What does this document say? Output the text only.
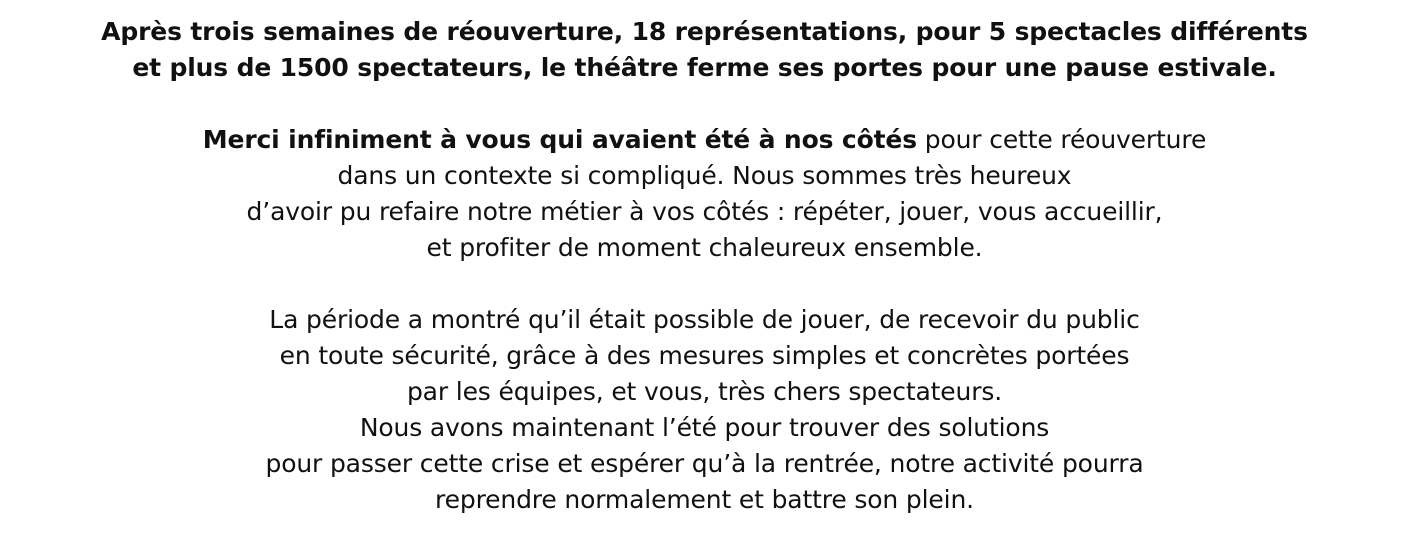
Après trois semaines de réouverture, 18 représentations, pour 5 spectacles différents
et plus de 1500 spectateurs, le théâtre ferme ses portes pour une pause estivale.

Merci infiniment à vous qui avaient été à nos côtés pour cette réouverture
dans un contexte si compliqué. Nous sommes très heureux
d’avoir pu refaire notre métier à vos côtés : répéter, jouer, vous accueillir,
et profiter de moment chaleureux ensemble.

La période a montré qu’il était possible de jouer, de recevoir du public
en toute sécurité, grâce à des mesures simples et concrètes portées
par les équipes, et vous, très chers spectateurs.
Nous avons maintenant l’été pour trouver des solutions
pour passer cette crise et espérer qu’à la rentrée, notre activité pourra
reprendre normalement et battre son plein.
